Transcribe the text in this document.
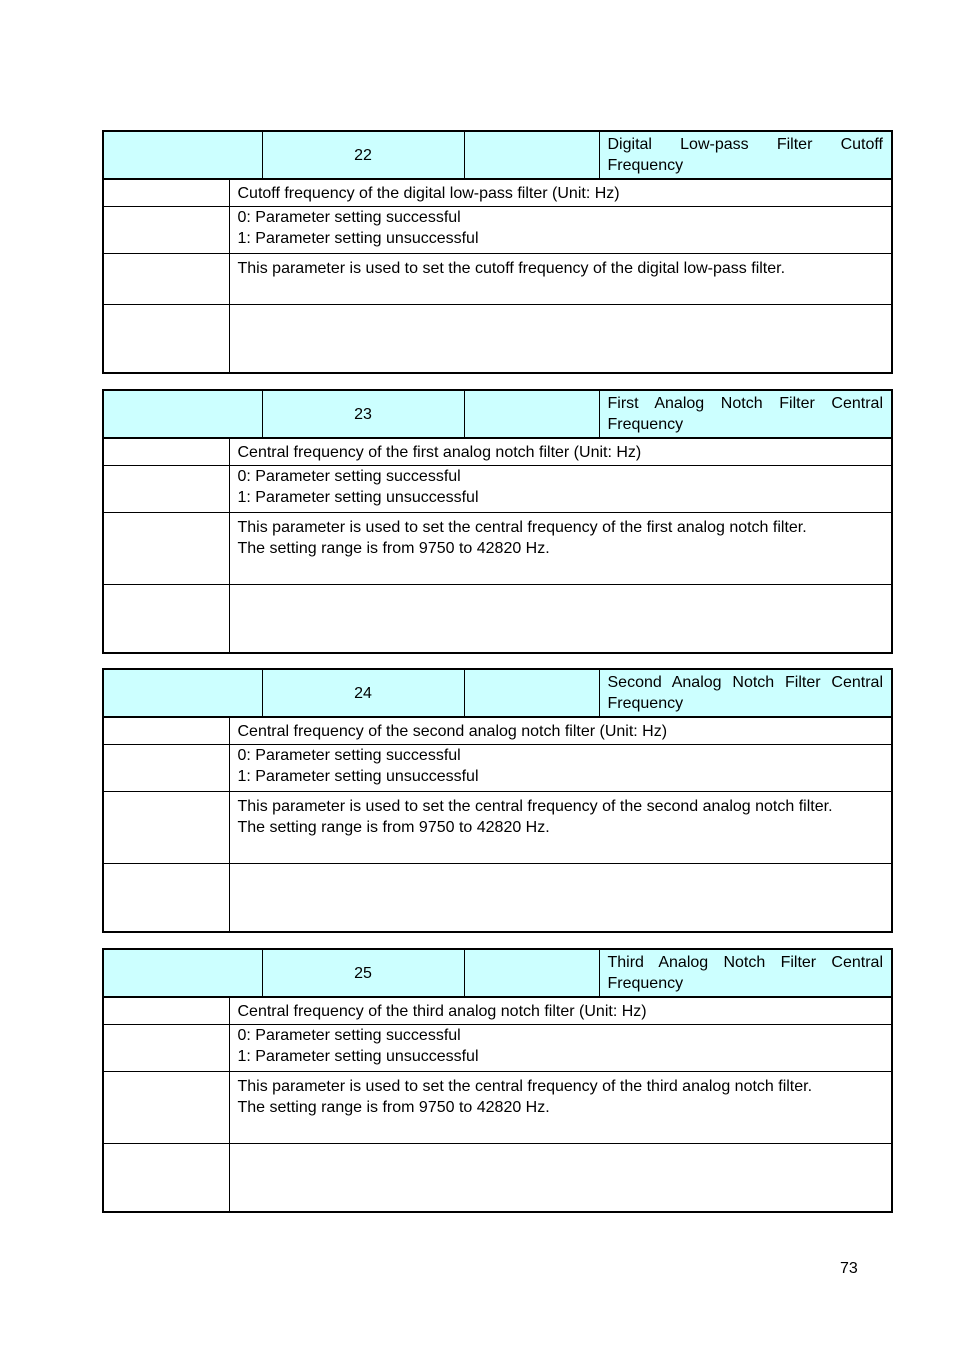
		22		Digital Low-pass Filter Cutoff Frequency
	Cutoff frequency of the digital low-pass filter (Unit: Hz)			

	0: Parameter setting successful
1: Parameter setting unsuccessful			

	This parameter is used to set the cutoff frequency of the digital low-pass filter.			

		23		First Analog Notch Filter Central Frequency
	Central frequency of the first analog notch filter (Unit: Hz)			

	0: Parameter setting successful
1: Parameter setting unsuccessful			

	This parameter is used to set the central frequency of the first analog notch filter.
The setting range is from 9750 to 42820 Hz.			

		24		Second Analog Notch Filter Central Frequency
	Central frequency of the second analog notch filter (Unit: Hz)			

	0: Parameter setting successful
1: Parameter setting unsuccessful			

	This parameter is used to set the central frequency of the second analog notch filter.
The setting range is from 9750 to 42820 Hz.			

		25		Third Analog Notch Filter Central Frequency
	Central frequency of the third analog notch filter (Unit: Hz)			

	0: Parameter setting successful
1: Parameter setting unsuccessful			

	This parameter is used to set the central frequency of the third analog notch filter.
The setting range is from 9750 to 42820 Hz.			

73
